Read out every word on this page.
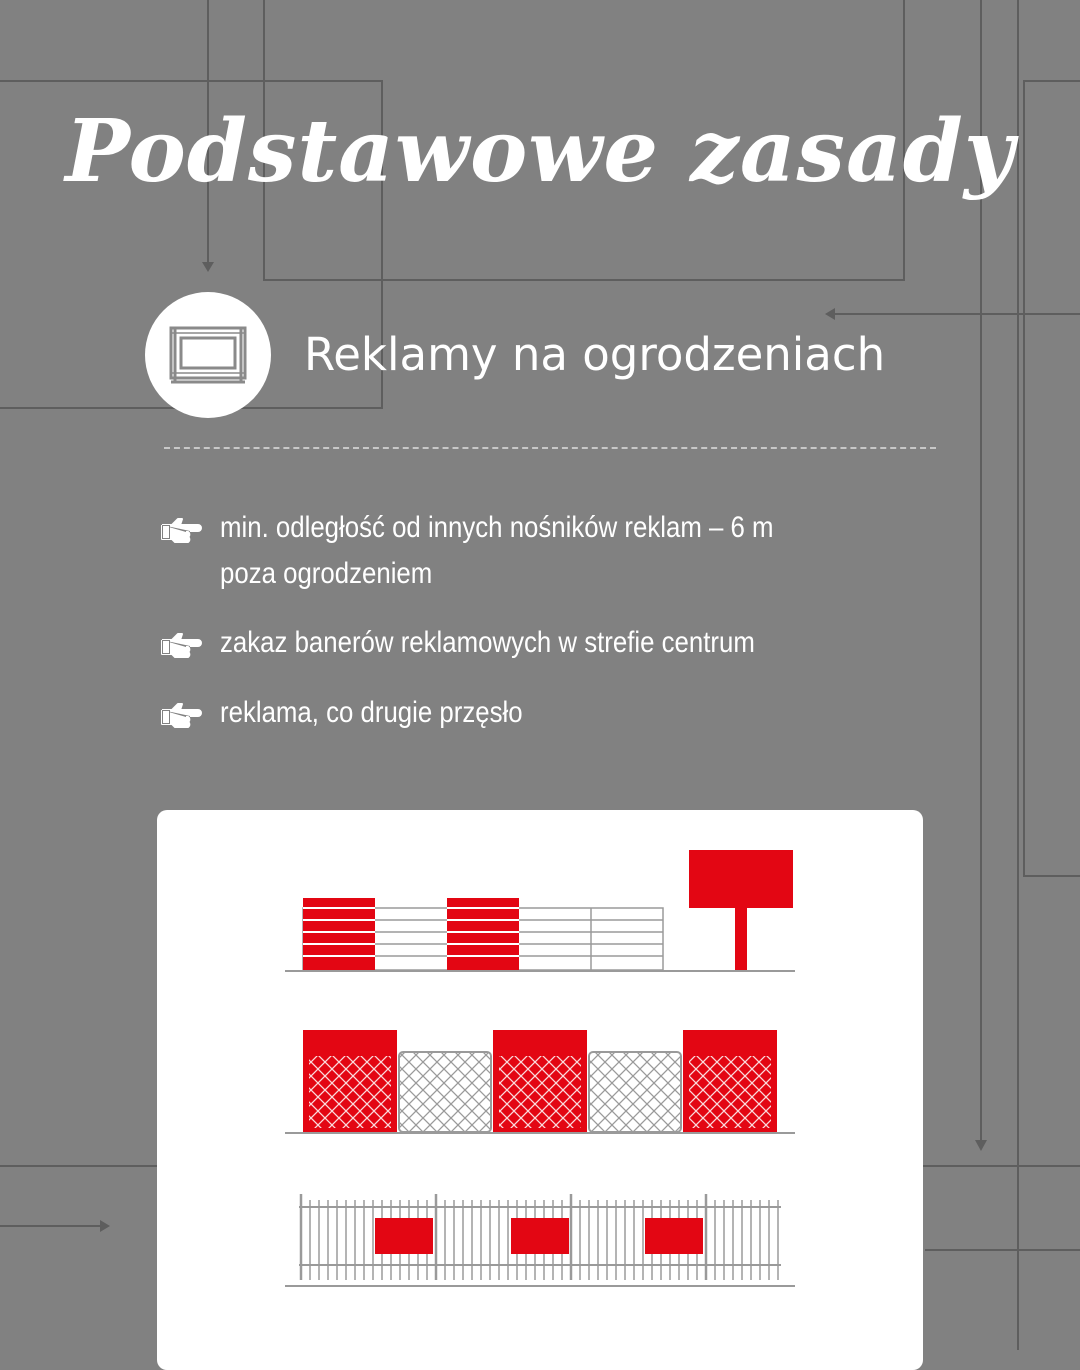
Podstawowe zasady
Reklamy na ogrodzeniach
min. odległość od innych nośników reklam – 6 m
poza ogrodzeniem
zakaz banerów reklamowych w strefie centrum
reklama, co drugie przęsło
